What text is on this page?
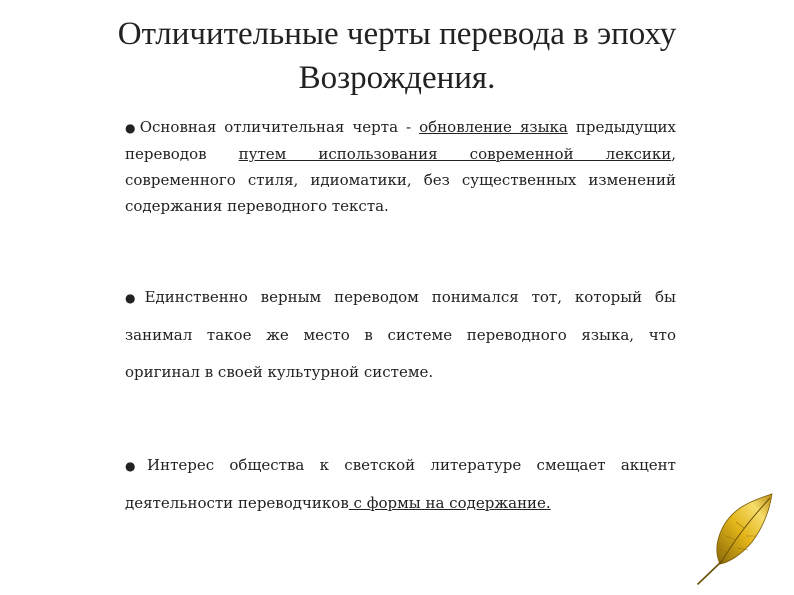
Отличительные черты перевода в эпоху
Возрождения.
●Основная отличительная черта - обновление языка предыдущих переводов путем использования современной лексики, современного стиля, идиоматики, без существенных изменений содержания переводного текста.
●Единственно верным переводом понимался тот, который бы занимал такое же место в системе переводного языка, что оригинал в своей культурной системе.
●Интерес общества к светской литературе смещает акцент деятельности переводчиков с формы на содержание.
